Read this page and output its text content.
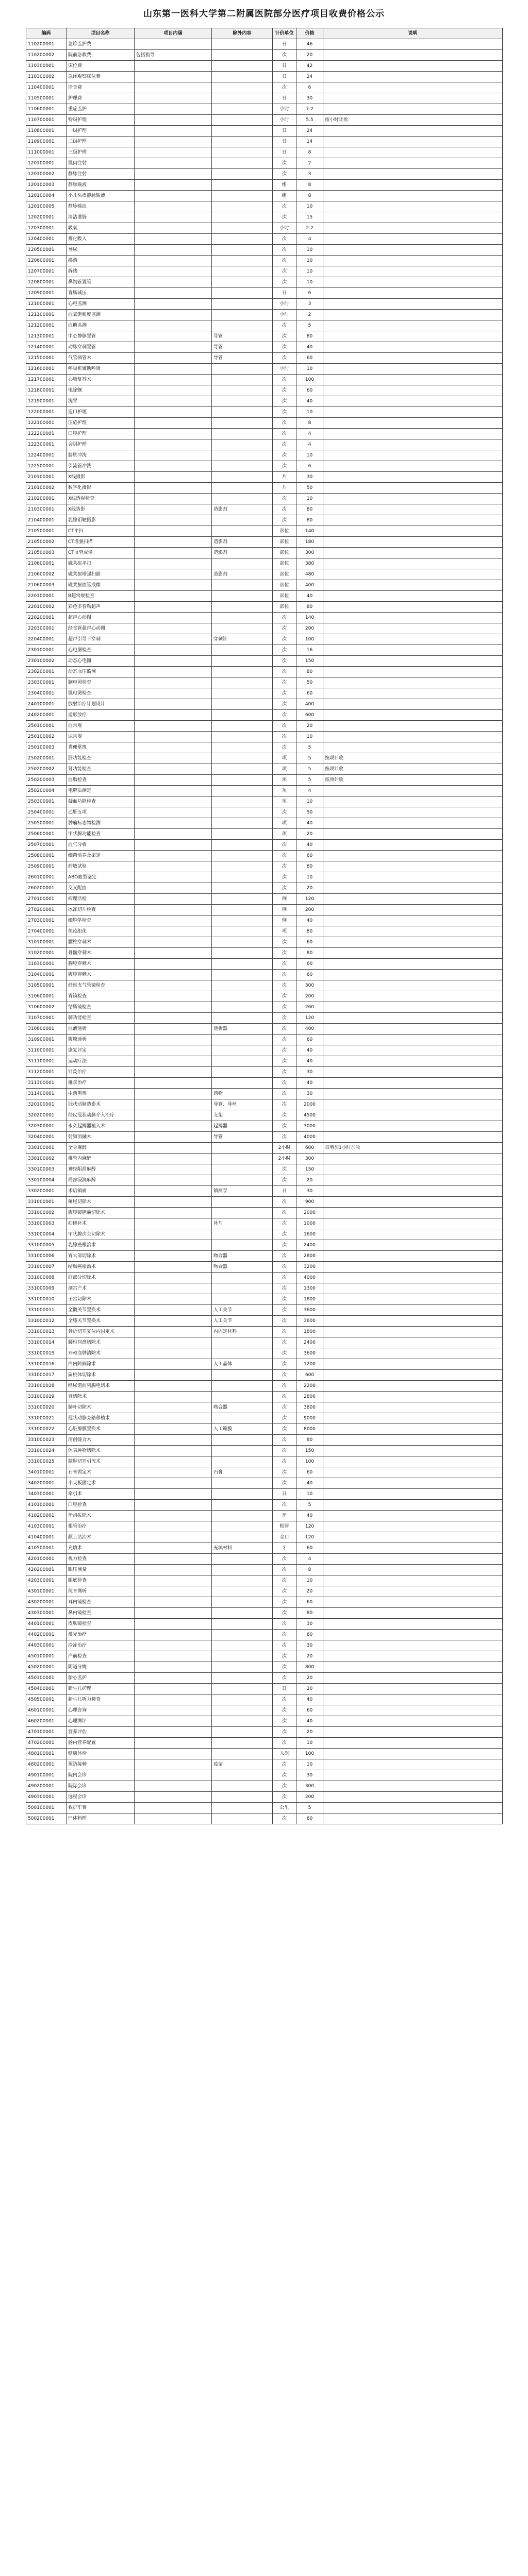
山东第一医科大学第二附属医院部分医疗项目收费价格公示
编码	项目名称	项目内涵	除外内容	计价单位	价格	说明
110200001	急诊监护费			日	46	
110200002	院前急救费	包括指导		次	20	
110300001	床位费			日	42	
110300002	急诊观察床位费			日	24	
110400001	诊查费			次	6	
110500001	护理费			日	30	
110600001	重症监护			小时	7.2	
110700001	特级护理			小时	5.5	按小时计收
110800001	一级护理			日	24	
110900001	二级护理			日	14	
111000001	三级护理			日	8	
120100001	肌肉注射			次	2	
120100002	静脉注射			次	3	
120100003	静脉输液			组	8	
120100004	小儿头皮静脉输液			组	8	
120100005	静脉输血			次	10	
120200001	清洁灌肠			次	15	
120300001	吸氧			小时	2.2	
120400001	雾化吸入			次	4	
120500001	导尿			次	10	
120600001	换药			次	10	
120700001	拆线			次	10	
120800001	鼻饲管置管			次	10	
120900001	胃肠减压			日	6	
121000001	心电监测			小时	3	
121100001	血氧饱和度监测			小时	2	
121200001	血糖监测			次	5	
121300001	中心静脉置管		导管	次	80	
121400001	动脉穿刺置管		导管	次	40	
121500001	气管插管术		导管	次	60	
121600001	呼吸机辅助呼吸			小时	10	
121700001	心肺复苏术			次	100	
121800001	电除颤			次	60	
121900001	洗胃			次	40	
122000001	造口护理			次	10	
122100001	压疮护理			次	8	
122200001	口腔护理			次	4	
122300001	会阴护理			次	4	
122400001	膀胱冲洗			次	10	
122500001	引流管冲洗			次	6	
210100001	X线摄影			片	30	
210100002	数字化摄影			片	50	
210200001	X线透视检查			次	10	
210300001	X线造影		造影剂	次	80	
210400001	乳腺钼靶摄影			次	80	
210500001	CT平扫			部位	140	
210500002	CT增强扫描		造影剂	部位	180	
210500003	CT血管成像		造影剂	部位	300	
210600001	磁共振平扫			部位	380	
210600002	磁共振增强扫描		造影剂	部位	480	
210600003	磁共振血管成像			部位	400	
220100001	B超常规检查			部位	40	
220100002	彩色多普勒超声			部位	80	
220200001	超声心动图			次	140	
220300001	经食管超声心动图			次	200	
220400001	超声引导下穿刺		穿刺针	次	100	
230100001	心电图检查			次	16	
230100002	动态心电图			次	150	
230200001	动态血压监测			次	80	
230300001	脑电图检查			次	50	
230400001	肌电图检查			次	60	
240100001	放射治疗计划设计			次	400	
240200001	适形放疗			次	600	
250100001	血常规			次	20	
250100002	尿常规			次	10	
250100003	粪便常规			次	5	
250200001	肝功能检查			项	5	按项计收
250200002	肾功能检查			项	5	按项计收
250200003	血脂检查			项	5	按项计收
250200004	电解质测定			项	4	
250300001	凝血功能检查			项	10	
250400001	乙肝五项			次	50	
250500001	肿瘤标志物检测			项	40	
250600001	甲状腺功能检查			项	20	
250700001	血气分析			次	40	
250800001	细菌培养及鉴定			次	60	
250900001	药敏试验			次	80	
260100001	ABO血型鉴定			次	10	
260200001	交叉配血			次	20	
270100001	病理活检			例	120	
270200001	冰冻切片检查			例	200	
270300001	细胞学检查			例	40	
270400001	免疫组化			项	80	
310100001	腰椎穿刺术			次	60	
310200001	骨髓穿刺术			次	80	
310300001	胸腔穿刺术			次	60	
310400001	腹腔穿刺术			次	60	
310500001	纤维支气管镜检查			次	300	
310600001	胃镜检查			次	200	
310600002	结肠镜检查			次	260	
310700001	肺功能检查			次	120	
310800001	血液透析		透析器	次	400	
310900001	腹膜透析			次	60	
311000001	康复评定			次	40	
311100001	运动疗法			次	40	
311200001	针灸治疗			次	30	
311300001	推拿治疗			次	40	
311400001	中药熏蒸		药物	次	30	
320100001	冠状动脉造影术		导管、导丝	次	2000	
320200001	经皮冠状动脉介入治疗		支架	次	4500	
320300001	永久起搏器植入术		起搏器	次	3000	
320400001	射频消融术		导管	次	4000	
330100001	全身麻醉			2小时	600	每增加1小时加收
330100002	椎管内麻醉			2小时	300	
330100003	神经阻滞麻醉			次	150	
330100004	局部浸润麻醉			次	20	
330200001	术后镇痛		镇痛泵	日	30	
331000001	阑尾切除术			次	900	
331000002	腹腔镜胆囊切除术			次	2000	
331000003	疝修补术		补片	次	1000	
331000004	甲状腺次全切除术			次	1600	
331000005	乳腺癌根治术			次	2400	
331000006	胃大部切除术		吻合器	次	2800	
331000007	结肠癌根治术		吻合器	次	3200	
331000008	肝部分切除术			次	4000	
331000009	剖宫产术			次	1300	
331000010	子宫切除术			次	1800	
331000011	全髋关节置换术		人工关节	次	3600	
331000012	全膝关节置换术		人工关节	次	3600	
331000013	骨折切开复位内固定术		内固定材料	次	1800	
331000014	腰椎间盘切除术			次	2400	
331000015	开颅血肿清除术			次	3600	
331000016	白内障摘除术		人工晶体	次	1200	
331000017	扁桃体切除术			次	600	
331000018	经尿道前列腺电切术			次	2200	
331000019	肾切除术			次	2800	
331000020	肺叶切除术		吻合器	次	3800	
331000021	冠状动脉旁路移植术			次	9000	
331000022	心脏瓣膜置换术		人工瓣膜	次	8000	
331000023	清创缝合术			次	80	
331000024	体表肿物切除术			次	150	
331000025	脓肿切开引流术			次	100	
340100001	石膏固定术		石膏	次	60	
340200001	小夹板固定术			次	40	
340300001	牵引术			日	10	
410100001	口腔检查			次	5	
410200001	牙齿拔除术			牙	40	
410300001	根管治疗			根管	120	
410400001	龈上洁治术			全口	120	
410500001	充填术		充填材料	牙	60	
420100001	视力检查			次	4	
420200001	眼压测量			次	8	
420300001	眼底检查			次	10	
430100001	纯音测听			次	20	
430200001	耳内镜检查			次	60	
430300001	鼻内镜检查			次	80	
440100001	皮肤镜检查			次	30	
440200001	激光治疗			次	60	
440300001	冷冻治疗			次	30	
450100001	产前检查			次	20	
450200001	阴道分娩			次	800	
450300001	胎心监护			次	20	
450400001	新生儿护理			日	20	
450500001	新生儿听力筛查			次	40	
460100001	心理咨询			次	60	
460200001	心理测评			次	40	
470100001	营养评估			次	20	
470200001	肠内营养配置			次	10	
480100001	健康体检			人次	100	
480200001	预防接种		疫苗	次	10	
490100001	院内会诊			次	30	
490200001	院际会诊			次	300	
490300001	远程会诊			次	200	
500100001	救护车费			公里	5	
500200001	尸体料理			次	60	
